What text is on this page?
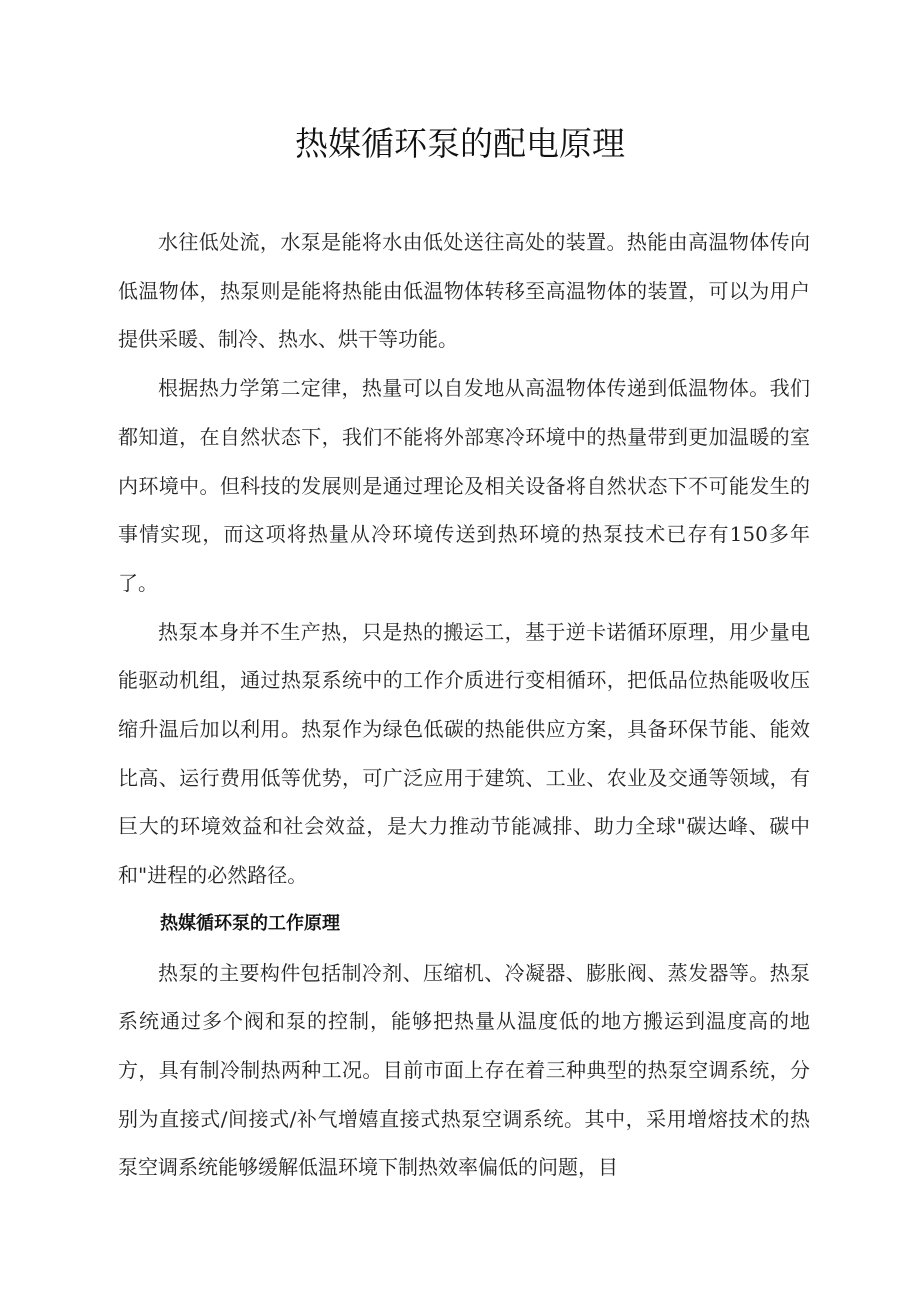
热媒循环泵的配电原理

水往低处流，水泵是能将水由低处送往高处的装置。热能由高温物体传向低温物体，热泵则是能将热能由低温物体转移至高温物体的装置，可以为用户提供采暖、制冷、热水、烘干等功能。

根据热力学第二定律，热量可以自发地从高温物体传递到低温物体。我们都知道，在自然状态下，我们不能将外部寒冷环境中的热量带到更加温暖的室内环境中。但科技的发展则是通过理论及相关设备将自然状态下不可能发生的事情实现，而这项将热量从冷环境传送到热环境的热泵技术已存有150多年了。

热泵本身并不生产热，只是热的搬运工，基于逆卡诺循环原理，用少量电能驱动机组，通过热泵系统中的工作介质进行变相循环，把低品位热能吸收压缩升温后加以利用。热泵作为绿色低碳的热能供应方案，具备环保节能、能效比高、运行费用低等优势，可广泛应用于建筑、工业、农业及交通等领域，有巨大的环境效益和社会效益，是大力推动节能减排、助力全球"碳达峰、碳中和"进程的必然路径。

热媒循环泵的工作原理

热泵的主要构件包括制冷剂、压缩机、冷凝器、膨胀阀、蒸发器等。热泵系统通过多个阀和泵的控制，能够把热量从温度低的地方搬运到温度高的地方，具有制冷制热两种工况。目前市面上存在着三种典型的热泵空调系统，分别为直接式/间接式/补气增嬉直接式热泵空调系统。其中，采用增熔技术的热泵空调系统能够缓解低温环境下制热效率偏低的问题，目
